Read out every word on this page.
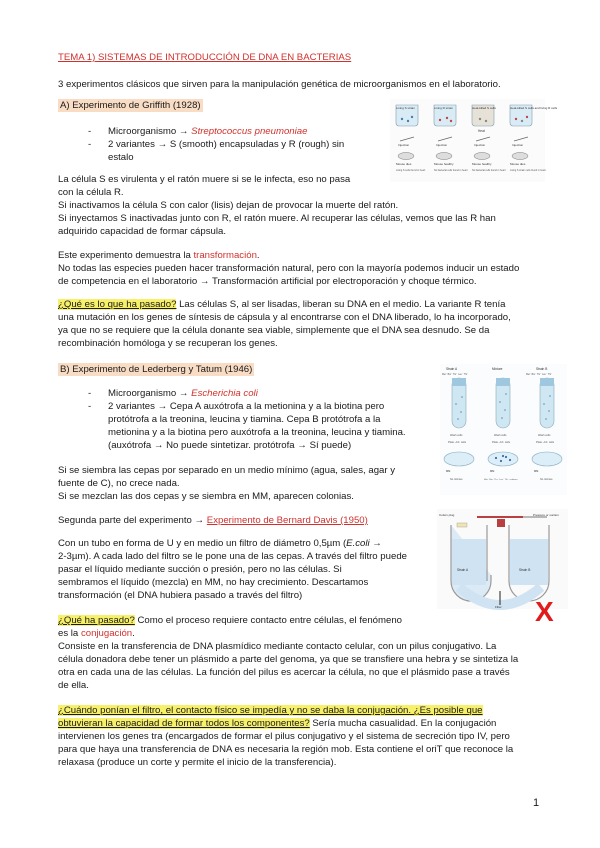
TEMA 1) SISTEMAS DE INTRODUCCIÓN DE DNA EN BACTERIAS
3 experimentos clásicos que sirven para la manipulación genética de microorganismos en el laboratorio.
A) Experimento de Griffith (1928)
-	Microorganismo → Streptococcus pneumoniae
-	2 variantes → S (smooth) encapsuladas y R (rough) sin
estalo
La célula S es virulenta y el ratón muere si se le infecta, eso no pasa
con la célula R.
Si inactivamos la célula S con calor (lisis) dejan de provocar la muerte del ratón.
Si inyectamos S inactivadas junto con R, el ratón muere. Al recuperar las células, vemos que las R han
adquirido capacidad de formar cápsula.
Este experimento demuestra la transformación.
No todas las especies pueden hacer transformación natural, pero con la mayoría podemos inducir un estado
de competencia en el laboratorio → Transformación artificial por electroporación y choque térmico.
¿Qué es lo que ha pasado? Las células S, al ser lisadas, liberan su DNA en el medio. La variante R tenía
una mutación en los genes de síntesis de cápsula y al encontrarse con el DNA liberado, lo ha incorporado,
ya que no se requiere que la célula donante sea viable, simplemente que el DNA sea desnudo. Se da
recombinación homóloga y se recuperan los genes.
B) Experimento de Lederberg y Tatum (1946)
-	Microorganismo → Escherichia coli
-	2 variantes → Cepa A auxótrofa a la metionina y a la biotina pero
protótrofa a la treonina, leucina y tiamina. Cepa B protótrofa a la
metionina y a la biotina pero auxótrofa a la treonina, leucina y tiamina.
(auxótrofa → No puede sintetizar. protótrofa → Sí puede)
Si se siembra las cepas por separado en un medio mínimo (agua, sales, agar y
fuente de C), no crece nada.
Si se mezclan las dos cepas y se siembra en MM, aparecen colonias.
Segunda parte del experimento → Experimento de Bernard Davis (1950)
Con un tubo en forma de U y en medio un filtro de diámetro 0,5µm (E.coli →
2-3µm). A cada lado del filtro se le pone una de las cepas. A través del filtro puede
pasar el líquido mediante succión o presión, pero no las células. Si
sembramos el líquido (mezcla) en MM, no hay crecimiento. Descartamos
transformación (el DNA hubiera pasado a través del filtro)
¿Qué ha pasado? Como el proceso requiere contacto entre células, el fenómeno
es la conjugación.
Consiste en la transferencia de DNA plasmídico mediante contacto celular, con un pilus conjugativo. La
célula donadora debe tener un plásmido a parte del genoma, ya que se transfiere una hebra y se sintetiza la
otra en cada una de las células. La función del pilus es acercar la célula, no que el plásmido pase a través
de ella.
¿Cuándo ponían el filtro, el contacto físico se impedía y no se daba la conjugación. ¿Es posible que
obtuvieran la capacidad de formar todos los componentes? Sería mucha casualidad. En la conjugación
intervienen los genes tra (encargados de formar el pilus conjugativo y el sistema de secreción tipo IV, pero
para que haya una transferencia de DNA es necesaria la región mob. Esta contiene el oriT que reconoce la
relaxasa (produce un corte y permite el inicio de la transferencia).
1
Living S strain	Living R strain	Heat-killed S cells	Heat-killed S cells and living R cells
Heat
Injection	Injection	Injection	Injection
Mouse dies	Mouse healthy	Mouse healthy	Mouse dies
Living S cells found in heart	No bacterial cells found in heart No bacterial cells found in heart Living S strain cells found in heart
Strain A	Mixture	Strain B
Met⁻ Bio⁻ Thr⁺ Leu⁺ Thi⁺	Met⁺ Bio⁺ Thr⁻ Leu⁻ Thi⁻
Wash cells	Wash cells	Wash cells
Plate ~10⁸ cells	Plate ~10⁸ cells	Plate ~10⁸ cells
MM	MM	MM
No colonies	Met⁺ Bio⁺ Thr⁺ Leu⁺ Thi⁺ colonies	No colonies
Pressure or suction
Cotton plug
Strain A	Strain B
Filter X
